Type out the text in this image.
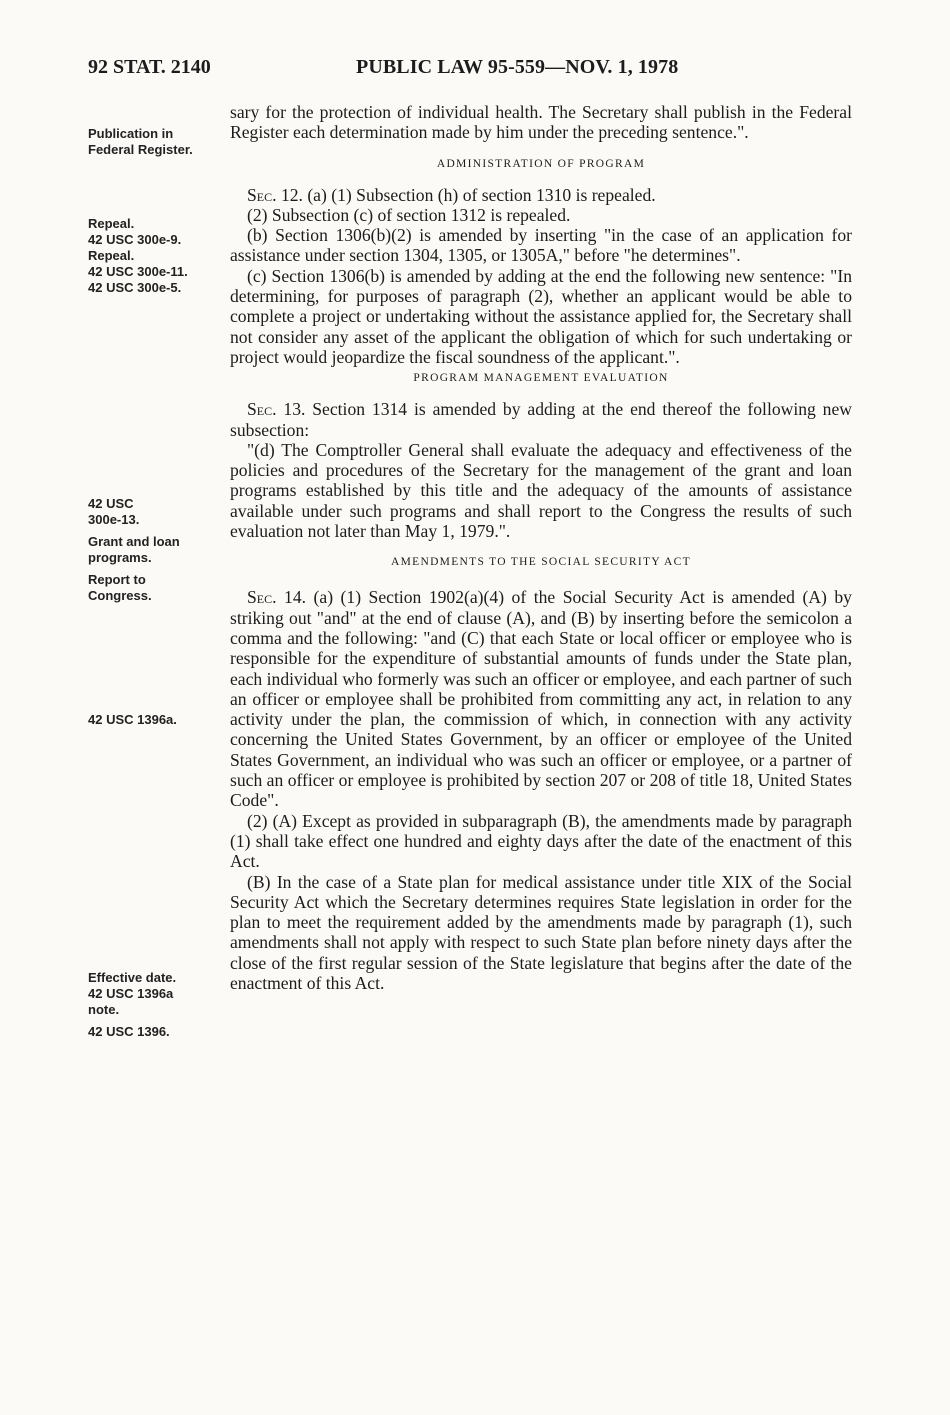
92 STAT. 2140	PUBLIC LAW 95-559—NOV. 1, 1978
Publication in
Federal Register.
Repeal.
42 USC 300e-9.
Repeal.
42 USC 300e-11.
42 USC 300e-5.
42 USC
300e-13.
Grant and loan
programs.
Report to
Congress.
42 USC 1396a.
Effective date.
42 USC 1396a
note.
42 USC 1396.

sary for the protection of individual health. The Secretary shall publish in the Federal Register each determination made by him under the preceding sentence.".

ADMINISTRATION OF PROGRAM

Sec. 12. (a) (1) Subsection (h) of section 1310 is repealed.

(2) Subsection (c) of section 1312 is repealed.

(b) Section 1306(b)(2) is amended by inserting "in the case of an application for assistance under section 1304, 1305, or 1305A," before "he determines".

(c) Section 1306(b) is amended by adding at the end the following new sentence: "In determining, for purposes of paragraph (2), whether an applicant would be able to complete a project or undertaking without the assistance applied for, the Secretary shall not consider any asset of the applicant the obligation of which for such undertaking or project would jeopardize the fiscal soundness of the applicant.".

PROGRAM MANAGEMENT EVALUATION

Sec. 13. Section 1314 is amended by adding at the end thereof the following new subsection:

"(d) The Comptroller General shall evaluate the adequacy and effectiveness of the policies and procedures of the Secretary for the management of the grant and loan programs established by this title and the adequacy of the amounts of assistance available under such programs and shall report to the Congress the results of such evaluation not later than May 1, 1979.".

AMENDMENTS TO THE SOCIAL SECURITY ACT

Sec. 14. (a) (1) Section 1902(a)(4) of the Social Security Act is amended (A) by striking out "and" at the end of clause (A), and (B) by inserting before the semicolon a comma and the following: "and (C) that each State or local officer or employee who is responsible for the expenditure of substantial amounts of funds under the State plan, each individual who formerly was such an officer or employee, and each partner of such an officer or employee shall be prohibited from committing any act, in relation to any activity under the plan, the commission of which, in connection with any activity concerning the United States Government, by an officer or employee of the United States Government, an individual who was such an officer or employee, or a partner of such an officer or employee is prohibited by section 207 or 208 of title 18, United States Code".

(2) (A) Except as provided in subparagraph (B), the amendments made by paragraph (1) shall take effect one hundred and eighty days after the date of the enactment of this Act.

(B) In the case of a State plan for medical assistance under title XIX of the Social Security Act which the Secretary determines requires State legislation in order for the plan to meet the requirement added by the amendments made by paragraph (1), such amendments shall not apply with respect to such State plan before ninety days after the close of the first regular session of the State legislature that begins after the date of the enactment of this Act.
